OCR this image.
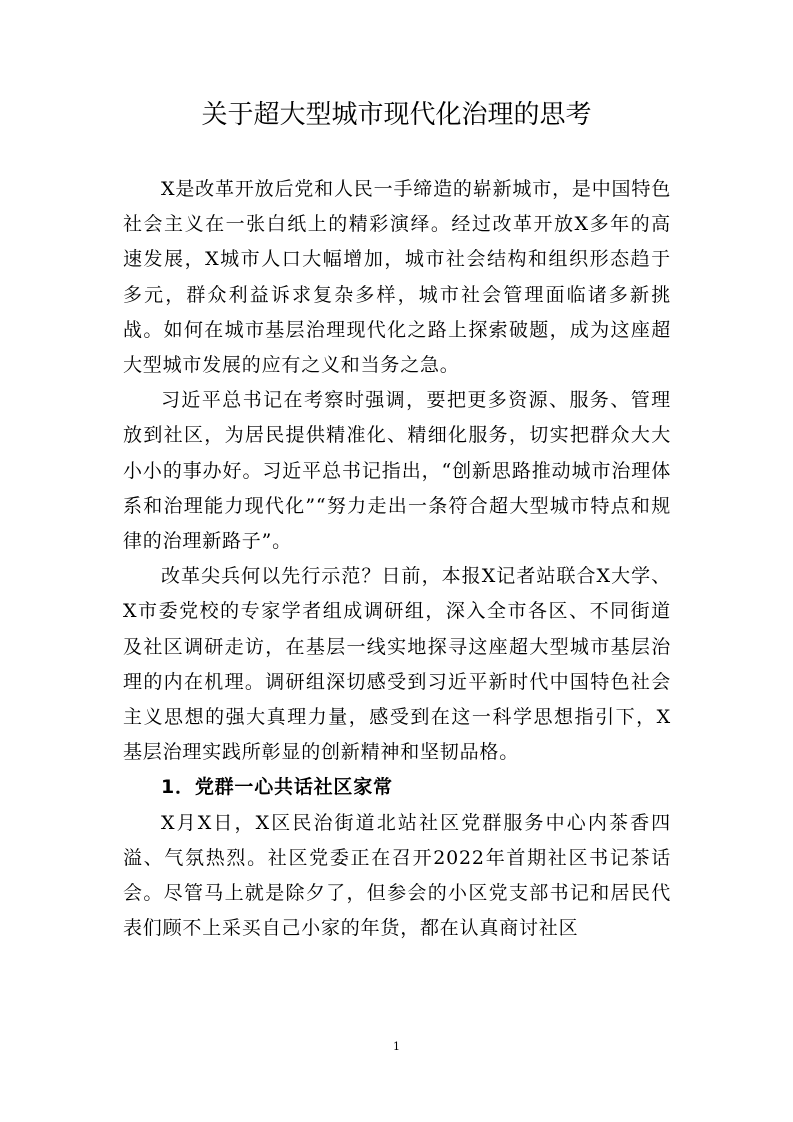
关于超大型城市现代化治理的思考

X是改革开放后党和人民一手缔造的崭新城市，是中国特色社会主义在一张白纸上的精彩演绎。经过改革开放X多年的高速发展，X城市人口大幅增加，城市社会结构和组织形态趋于多元，群众利益诉求复杂多样，城市社会管理面临诸多新挑战。如何在城市基层治理现代化之路上探索破题，成为这座超大型城市发展的应有之义和当务之急。

习近平总书记在考察时强调，要把更多资源、服务、管理放到社区，为居民提供精准化、精细化服务，切实把群众大大小小的事办好。习近平总书记指出，“创新思路推动城市治理体系和治理能力现代化”“努力走出一条符合超大型城市特点和规律的治理新路子”。

改革尖兵何以先行示范？日前，本报X记者站联合X大学、X市委党校的专家学者组成调研组，深入全市各区、不同街道及社区调研走访，在基层一线实地探寻这座超大型城市基层治理的内在机理。调研组深切感受到习近平新时代中国特色社会主义思想的强大真理力量，感受到在这一科学思想指引下，X基层治理实践所彰显的创新精神和坚韧品格。

1．党群一心共话社区家常

X月X日，X区民治街道北站社区党群服务中心内茶香四溢、气氛热烈。社区党委正在召开2022年首期社区书记茶话会。尽管马上就是除夕了，但参会的小区党支部书记和居民代表们顾不上采买自己小家的年货，都在认真商讨社区

1
